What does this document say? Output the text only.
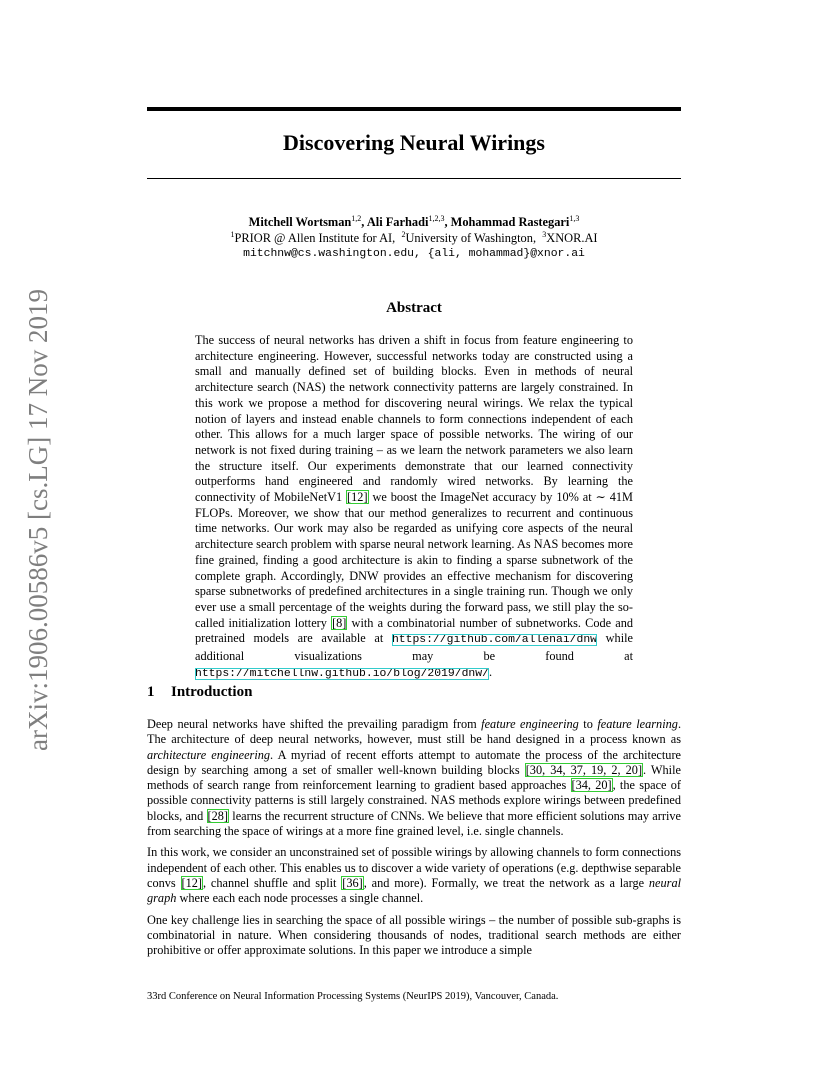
arXiv:1906.00586v5 [cs.LG] 17 Nov 2019
Discovering Neural Wirings
Mitchell Wortsman$^{1,2}$, Ali Farhadi$^{1,2,3}$, Mohammad Rastegari$^{1,3}$
$^1$PRIOR @ Allen Institute for AI, $^2$University of Washington, $^3$XNOR.AI
mitchnw@cs.washington.edu, {ali, mohammad}@xnor.ai
Abstract
The success of neural networks has driven a shift in focus from feature engineering to architecture engineering. However, successful networks today are constructed using a small and manually defined set of building blocks. Even in methods of neural architecture search (NAS) the network connectivity patterns are largely constrained. In this work we propose a method for discovering neural wirings. We relax the typical notion of layers and instead enable channels to form connections independent of each other. This allows for a much larger space of possible networks. The wiring of our network is not fixed during training – as we learn the network parameters we also learn the structure itself. Our experiments demonstrate that our learned connectivity outperforms hand engineered and randomly wired networks. By learning the connectivity of MobileNetV1 [12] we boost the ImageNet accuracy by 10% at ∼ 41M FLOPs. Moreover, we show that our method generalizes to recurrent and continuous time networks. Our work may also be regarded as unifying core aspects of the neural architecture search problem with sparse neural network learning. As NAS becomes more fine grained, finding a good architecture is akin to finding a sparse subnetwork of the complete graph. Accordingly, DNW provides an effective mechanism for discovering sparse subnetworks of predefined architectures in a single training run. Though we only ever use a small percentage of the weights during the forward pass, we still play the so-called initialization lottery [8] with a combinatorial number of subnetworks. Code and pretrained models are available at https://github.com/allenai/dnw while additional visualizations may be found at https://mitchellnw.github.io/blog/2019/dnw/.
1 Introduction

Deep neural networks have shifted the prevailing paradigm from feature engineering to feature learning. The architecture of deep neural networks, however, must still be hand designed in a process known as architecture engineering. A myriad of recent efforts attempt to automate the process of the architecture design by searching among a set of smaller well-known building blocks [30, 34, 37, 19, 2, 20]. While methods of search range from reinforcement learning to gradient based approaches [34, 20], the space of possible connectivity patterns is still largely constrained. NAS methods explore wirings between predefined blocks, and [28] learns the recurrent structure of CNNs. We believe that more efficient solutions may arrive from searching the space of wirings at a more fine grained level, i.e. single channels.

In this work, we consider an unconstrained set of possible wirings by allowing channels to form connections independent of each other. This enables us to discover a wide variety of operations (e.g. depthwise separable convs [12], channel shuffle and split [36], and more). Formally, we treat the network as a large neural graph where each each node processes a single channel.

One key challenge lies in searching the space of all possible wirings – the number of possible sub-graphs is combinatorial in nature. When considering thousands of nodes, traditional search methods are either prohibitive or offer approximate solutions. In this paper we introduce a simple

33rd Conference on Neural Information Processing Systems (NeurIPS 2019), Vancouver, Canada.
